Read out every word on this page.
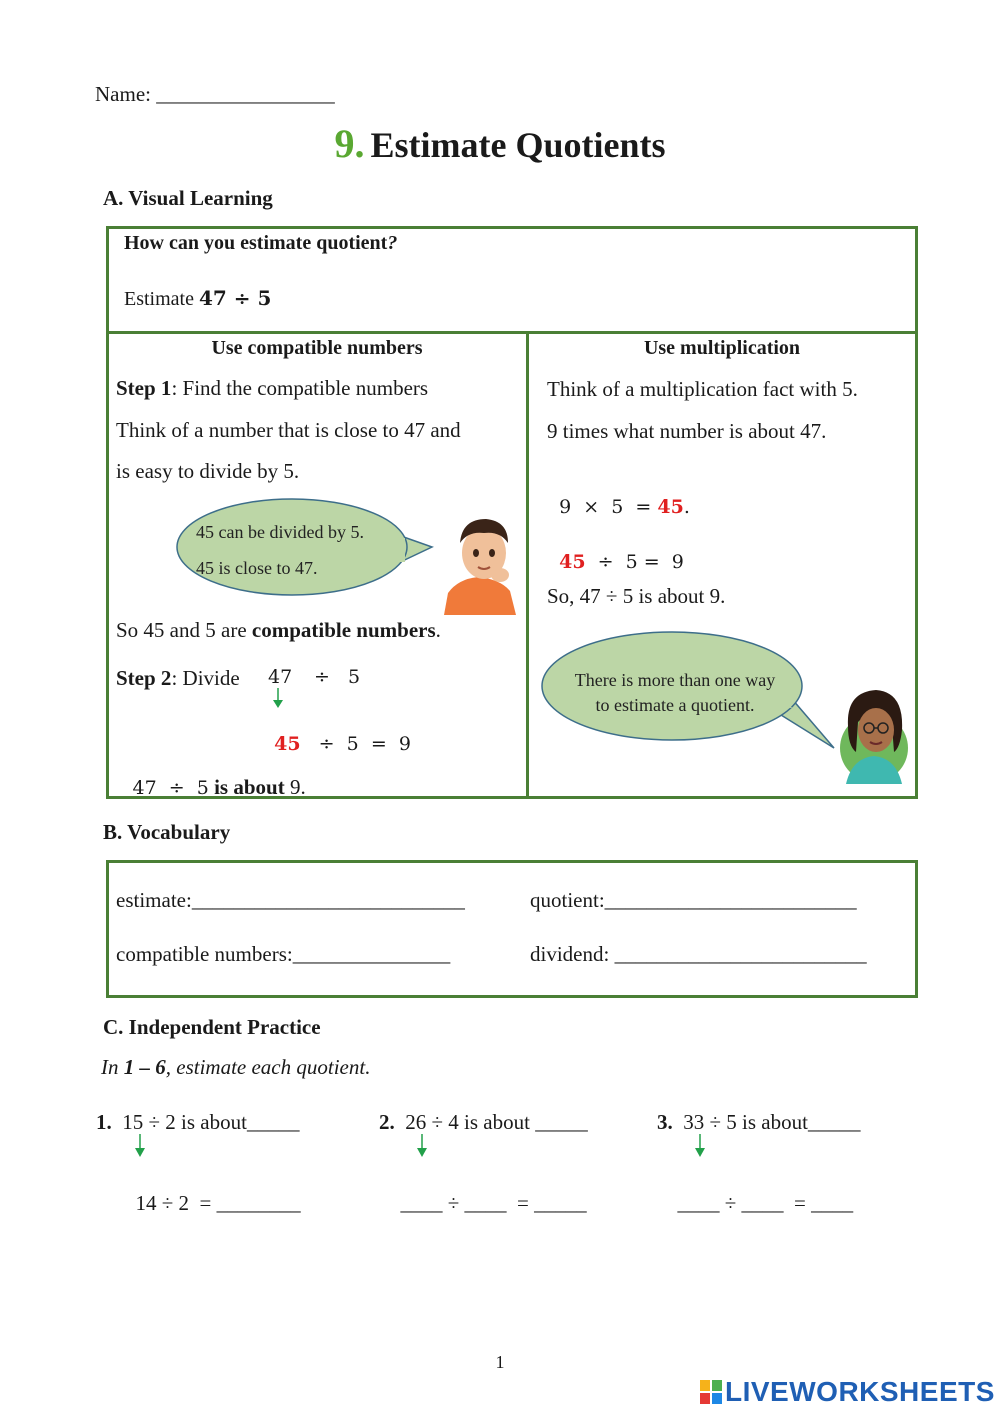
Name: _________________
9. Estimate Quotients
A. Visual Learning
How can you estimate quotient?
Estimate 47 ÷ 5
Use compatible numbers
Step 1: Find the compatible numbers
Think of a number that is close to 47 and
is easy to divide by 5.
45 can be divided by 5.
45 is close to 47.
So 45 and 5 are compatible numbers.
Step 2: Divide 47 ÷   5

45 ÷  5  =  9

47  ÷  5 is about 9.

Use multiplication
Think of a multiplication fact with 5.
9 times what number is about 47.

9  ×  5  = 45.

45 ÷  5 =  9

So, 47 ÷ 5 is about 9.
There is more than one way
to estimate a quotient.
B. Vocabulary
estimate:__________________________	quotient:________________________
compatible numbers:_______________	dividend: ________________________
C. Independent Practice
In 1 – 6, estimate each quotient.
1. 15 ÷ 2 is about_____

14 ÷ 2  = ________

2. 26 ÷ 4 is about _____

____ ÷ ____  = _____

3. 33 ÷ 5 is about_____

____ ÷ ____  = ____

1
LIVEWORKSHEETS
